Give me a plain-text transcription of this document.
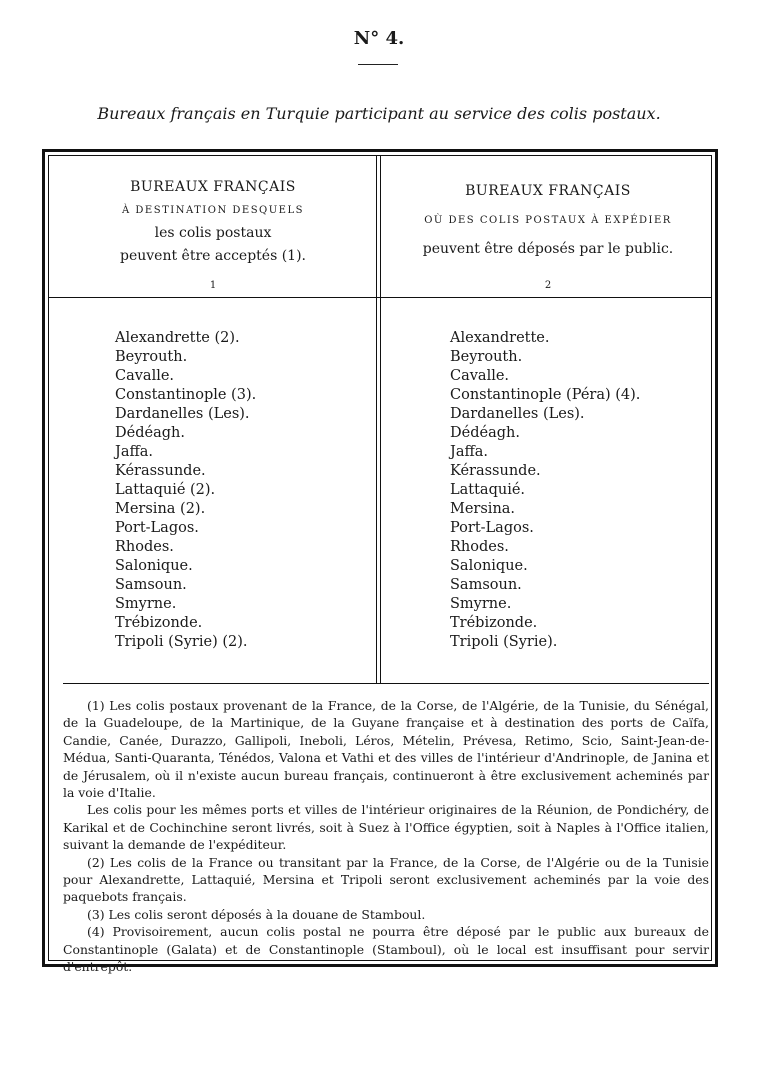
N° 4.
Bureaux français en Turquie participant au service des colis postaux.
BUREAUX FRANÇAIS
À DESTINATION DESQUELS
les colis postaux
peuvent être acceptés (1).
1
BUREAUX FRANÇAIS
OÙ DES COLIS POSTAUX À EXPÉDIER
peuvent être déposés par le public.
2
Alexandrette (2).
Beyrouth.
Cavalle.
Constantinople (3).
Dardanelles (Les).
Dédéagh.
Jaffa.
Kérassunde.
Lattaquié (2).
Mersina (2).
Port-Lagos.
Rhodes.
Salonique.
Samsoun.
Smyrne.
Trébizonde.
Tripoli (Syrie) (2).
Alexandrette.
Beyrouth.
Cavalle.
Constantinople (Péra) (4).
Dardanelles (Les).
Dédéagh.
Jaffa.
Kérassunde.
Lattaquié.
Mersina.
Port-Lagos.
Rhodes.
Salonique.
Samsoun.
Smyrne.
Trébizonde.
Tripoli (Syrie).

(1) Les colis postaux provenant de la France, de la Corse, de l'Algérie, de la Tunisie, du Sénégal, de la Guadeloupe, de la Martinique, de la Guyane française et à destination des ports de Caïfa, Candie, Canée, Durazzo, Gallipoli, Ineboli, Léros, Mételin, Prévesa, Retimo, Scio, Saint-Jean-de-Médua, Santi-Quaranta, Ténédos, Valona et Vathi et des villes de l'intérieur d'Andrinople, de Janina et de Jérusalem, où il n'existe aucun bureau français, continueront à être exclusivement acheminés par la voie d'Italie.

Les colis pour les mêmes ports et villes de l'intérieur originaires de la Réunion, de Pondichéry, de Karikal et de Cochinchine seront livrés, soit à Suez à l'Office égyptien, soit à Naples à l'Office italien, suivant la demande de l'expéditeur.

(2) Les colis de la France ou transitant par la France, de la Corse, de l'Algérie ou de la Tunisie pour Alexandrette, Lattaquié, Mersina et Tripoli seront exclusivement acheminés par la voie des paquebots français.

(3) Les colis seront déposés à la douane de Stamboul.

(4) Provisoirement, aucun colis postal ne pourra être déposé par le public aux bureaux de Constantinople (Galata) et de Constantinople (Stamboul), où le local est insuffisant pour servir d'entrepôt.
